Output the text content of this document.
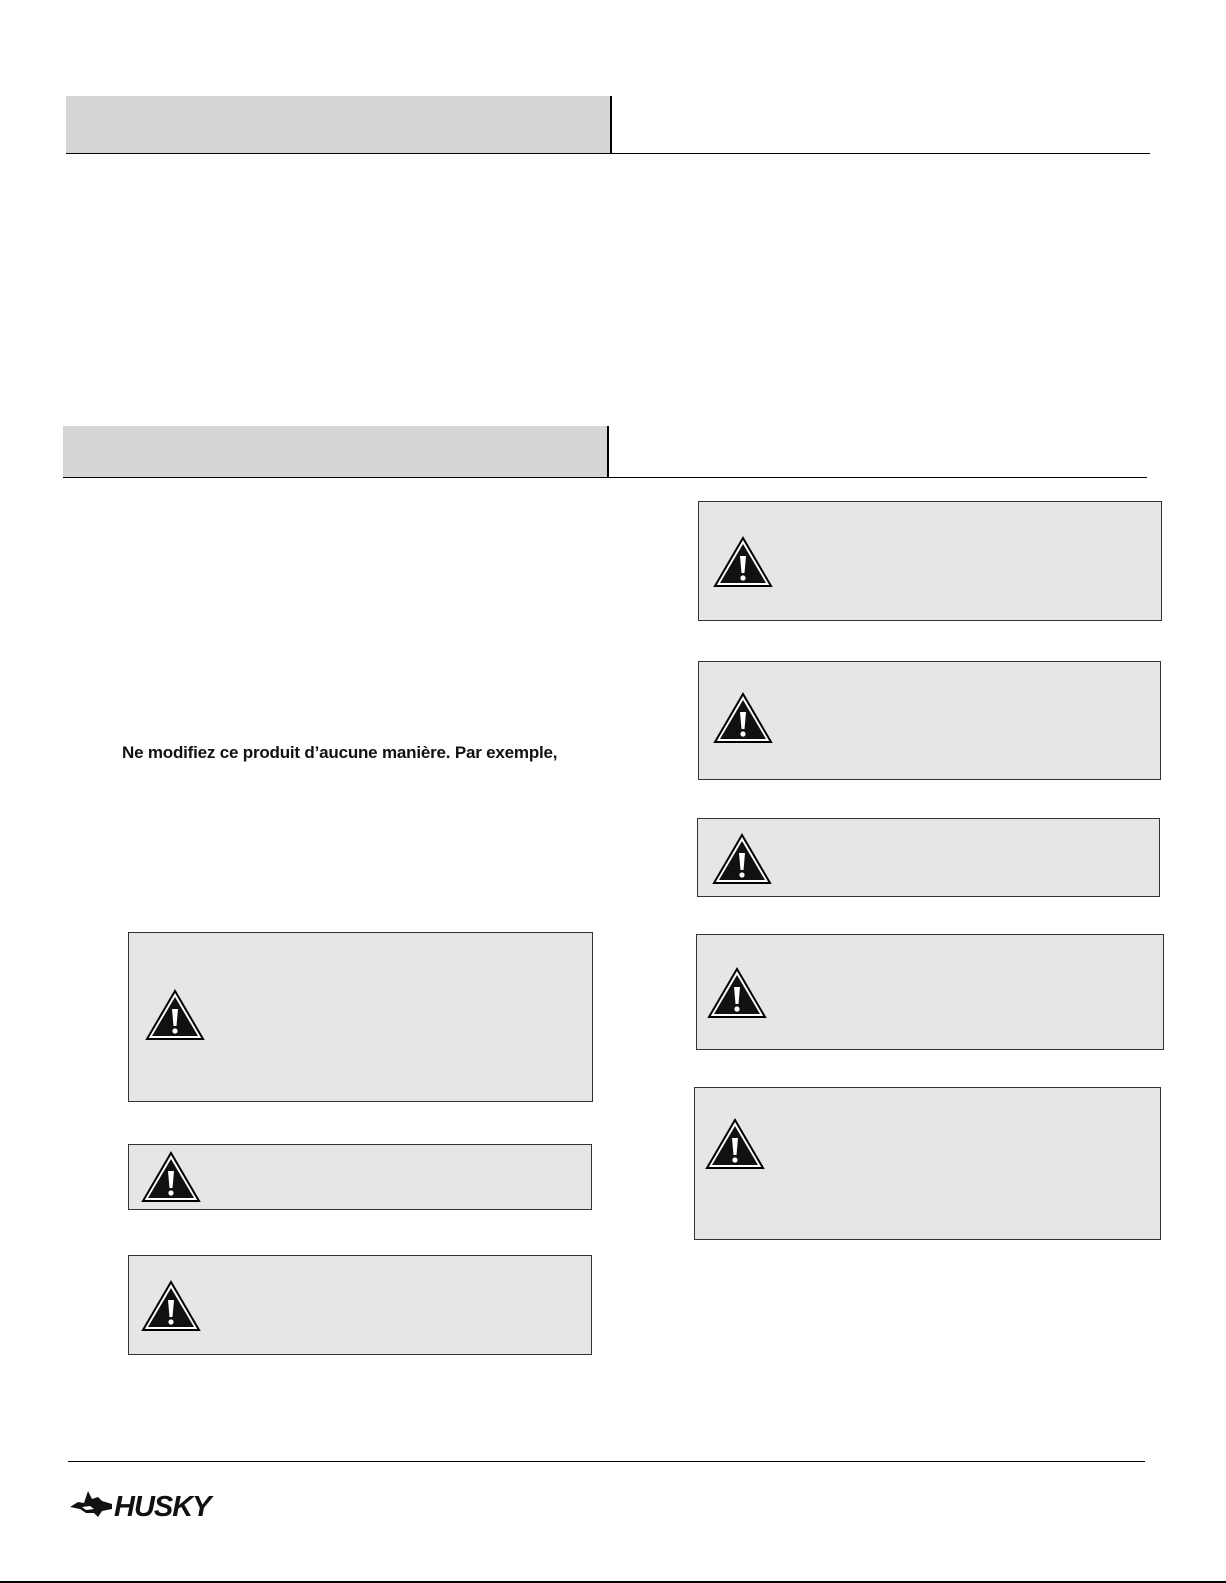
Ne modifiez ce produit d’aucune manière. Par exemple,
HUSKY
